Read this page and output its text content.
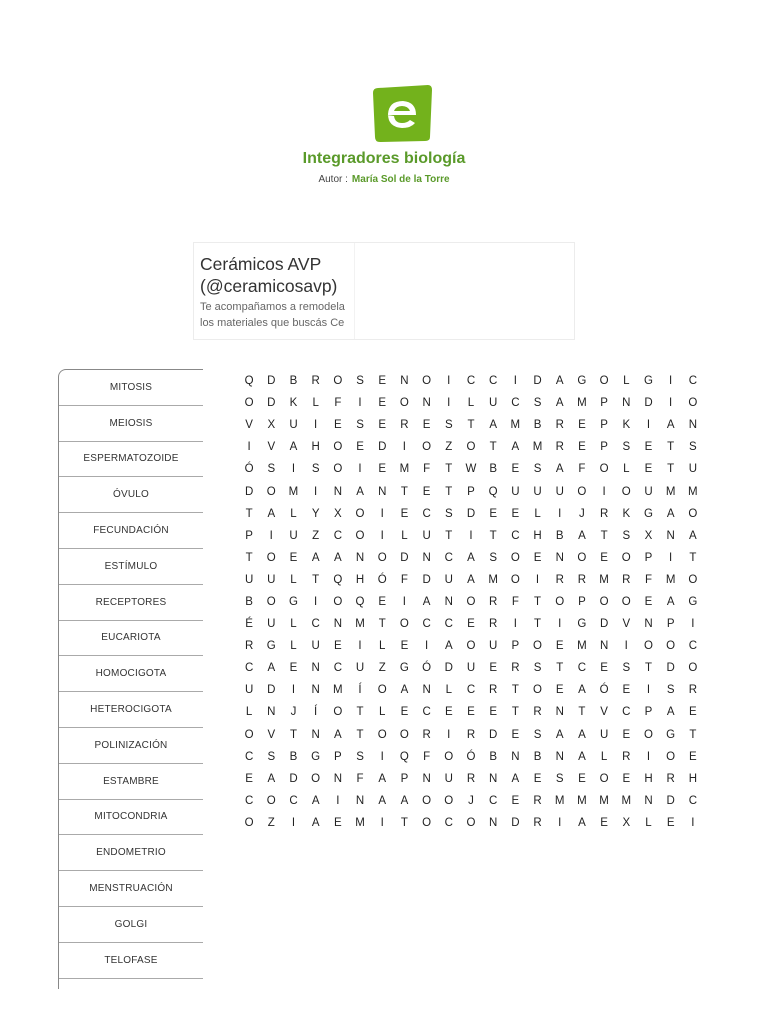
Integradores biología
Autor : María Sol de la Torre
Cerámicos AVP
(@ceramicosavp)
Te acompañamos a remodela
los materiales que buscás Ce
MITOSIS
MEIOSIS
ESPERMATOZOIDE
ÓVULO
FECUNDACIÓN
ESTÍMULO
RECEPTORES
EUCARIOTA
HOMOCIGOTA
HETEROCIGOTA
POLINIZACIÓN
ESTAMBRE
MITOCONDRIA
ENDOMETRIO
MENSTRUACIÓN
GOLGI
TELOFASE
Q	D	B	R	O	S	E	N	O	I	C	C	I	D	A	G	O	L	G	I	C
O	D	K	L	F	I	E	O	N	I	L	U	C	S	A	M	P	N	D	I	O
V	X	U	I	E	S	E	R	E	S	T	A	M	B	R	E	P	K	I	A	N
I	V	A	H	O	E	D	I	O	Z	O	T	A	M	R	E	P	S	E	T	S
Ó	S	I	S	O	I	E	M	F	T	W	B	E	S	A	F	O	L	E	T	U
D	O	M	I	N	A	N	T	E	T	P	Q	U	U	U	O	I	O	U	M	M
T	A	L	Y	X	O	I	E	C	S	D	E	E	L	I	J	R	K	G	A	O
P	I	U	Z	C	O	I	L	U	T	I	T	C	H	B	A	T	S	X	N	A
T	O	E	A	A	N	O	D	N	C	A	S	O	E	N	O	E	O	P	I	T
U	U	L	T	Q	H	Ó	F	D	U	A	M	O	I	R	R	M	R	F	M	O
B	O	G	I	O	Q	E	I	A	N	O	R	F	T	O	P	O	O	E	A	G
É	U	L	C	N	M	T	O	C	C	E	R	I	T	I	G	D	V	N	P	I
R	G	L	U	E	I	L	E	I	A	O	U	P	O	E	M	N	I	O	O	C
C	A	E	N	C	U	Z	G	Ó	D	U	E	R	S	T	C	E	S	T	D	O
U	D	I	N	M	Í	O	A	N	L	C	R	T	O	E	A	Ó	E	I	S	R
L	N	J	Í	O	T	L	E	C	E	E	E	T	R	N	T	V	C	P	A	E
O	V	T	N	A	T	O	O	R	I	R	D	E	S	A	A	U	E	O	G	T
C	S	B	G	P	S	I	Q	F	O	Ó	B	N	B	N	A	L	R	I	O	E
E	A	D	O	N	F	A	P	N	U	R	N	A	E	S	E	O	E	H	R	H
C	O	C	A	I	N	A	A	O	O	J	C	E	R	M	M	M	M	N	D	C
O	Z	I	A	E	M	I	T	O	C	O	N	D	R	I	A	E	X	L	E	I
